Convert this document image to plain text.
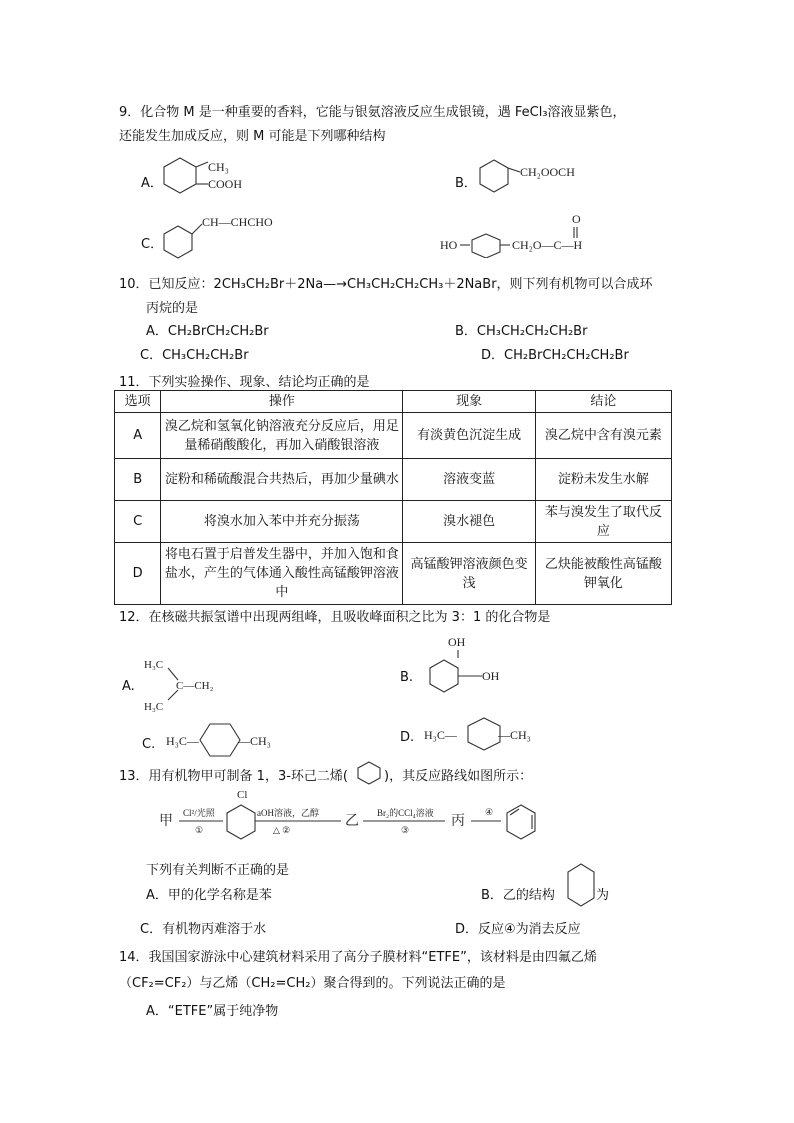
9．化合物 M 是一种重要的香料，它能与银氨溶液反应生成银镜，遇 FeCl₃溶液显紫色，
还能发生加成反应，则 M 可能是下列哪种结构
A．
CH₃
COOH	B．
CH₂OOCH
C．
CH—CHCHO
HO	CH₂O—C—H
O
10．已知反应：2CH₃CH₂Br＋2Na—→CH₃CH₂CH₂CH₃＋2NaBr，则下列有机物可以合成环
丙烷的是
A．CH₂BrCH₂CH₂Br	B．CH₃CH₂CH₂CH₂Br
C．CH₃CH₂CH₂Br	D．CH₂BrCH₂CH₂CH₂Br
11．下列实验操作、现象、结论均正确的是
选项	操作	现象	结论
A	溴乙烷和氢氧化钠溶液充分反应后，用足量稀硝酸酸化，再加入硝酸银溶液	有淡黄色沉淀生成	溴乙烷中含有溴元素
B	淀粉和稀硫酸混合共热后，再加少量碘水	溶液变蓝	淀粉未发生水解
C	将溴水加入苯中并充分振荡	溴水褪色	苯与溴发生了取代反应
D	将电石置于启普发生器中，并加入饱和食盐水，产生的气体通入酸性高锰酸钾溶液中	高锰酸钾溶液颜色变浅	乙炔能被酸性高锰酸钾氧化
12．在核磁共振氢谱中出现两组峰，且吸收峰面积之比为 3：1 的化合物是
A.
H₃C
H₃C
C—CH₂
B.
OH
OH
C. H₃C—	—CH₃	D. H₃C—	—CH₃
13．用有机物甲可制备 1，3-环己二烯(	)，其反应路线如图所示：
甲
Cl²/光照
①
Cl
aOH溶液，乙醇
△ ②
乙
Br₂的CCl₄溶液
③
丙
④
下列有关判断不正确的是
A．甲的化学名称是苯	B．乙的结构	为
C．有机物丙难溶于水	D．反应④为消去反应
14．我国国家游泳中心建筑材料采用了高分子膜材料“ETFE”，该材料是由四氟乙烯
（CF₂=CF₂）与乙烯（CH₂=CH₂）聚合得到的。下列说法正确的是
A．“ETFE”属于纯净物
